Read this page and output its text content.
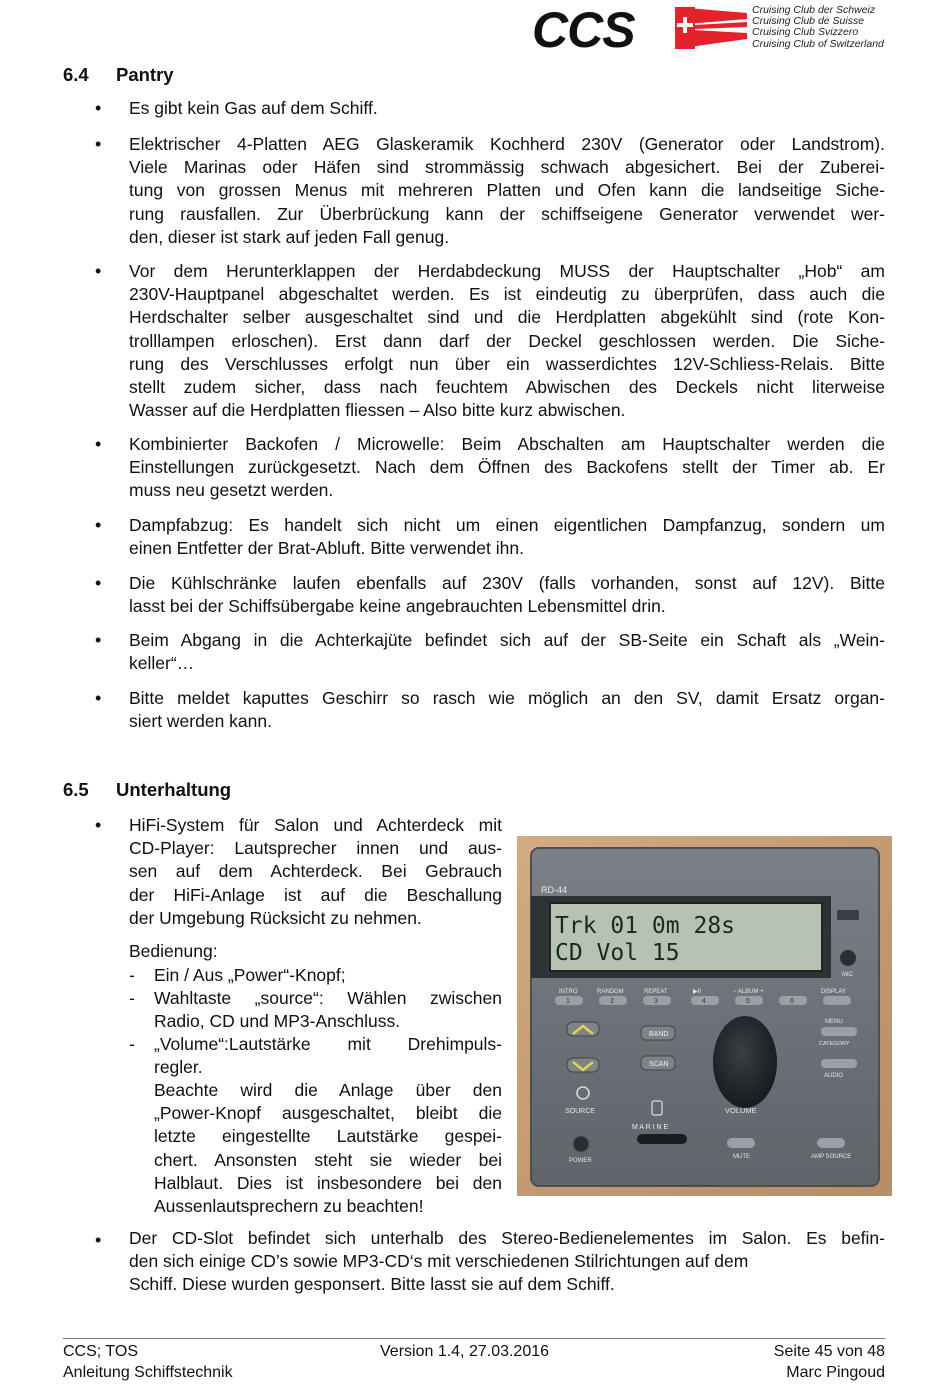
CCS	Cruising Club der Schweiz
Cruising Club de Suisse
Cruising Club Svizzero
Cruising Club of Switzerland
6.4 Pantry
• Es gibt kein Gas auf dem Schiff.
• Elektrischer 4-Platten AEG Glaskeramik Kochherd 230V (Generator oder Landstrom).
Viele Marinas oder Häfen sind strommässig schwach abgesichert. Bei der Zuberei-
tung von grossen Menus mit mehreren Platten und Ofen kann die landseitige Siche-
rung rausfallen. Zur Überbrückung kann der schiffseigene Generator verwendet wer-
den, dieser ist stark auf jeden Fall genug.
• Vor dem Herunterklappen der Herdabdeckung MUSS der Hauptschalter „Hob“ am
230V-Hauptpanel abgeschaltet werden. Es ist eindeutig zu überprüfen, dass auch die
Herdschalter selber ausgeschaltet sind und die Herdplatten abgekühlt sind (rote Kon-
trolllampen erloschen). Erst dann darf der Deckel geschlossen werden. Die Siche-
rung des Verschlusses erfolgt nun über ein wasserdichtes 12V-Schliess-Relais. Bitte
stellt zudem sicher, dass nach feuchtem Abwischen des Deckels nicht literweise
Wasser auf die Herdplatten fliessen – Also bitte kurz abwischen.
• Kombinierter Backofen / Microwelle: Beim Abschalten am Hauptschalter werden die
Einstellungen zurückgesetzt. Nach dem Öffnen des Backofens stellt der Timer ab. Er
muss neu gesetzt werden.
• Dampfabzug: Es handelt sich nicht um einen eigentlichen Dampfanzug, sondern um
einen Entfetter der Brat-Abluft. Bitte verwendet ihn.
• Die Kühlschränke laufen ebenfalls auf 230V (falls vorhanden, sonst auf 12V). Bitte
lasst bei der Schiffsübergabe keine angebrauchten Lebensmittel drin.
• Beim Abgang in die Achterkajüte befindet sich auf der SB-Seite ein Schaft als „Wein-
keller“…
• Bitte meldet kaputtes Geschirr so rasch wie möglich an den SV, damit Ersatz organ-
siert werden kann.
6.5 Unterhaltung
• HiFi-System für Salon und Achterdeck mit
CD-Player: Lautsprecher innen und aus-
sen auf dem Achterdeck. Bei Gebrauch
der HiFi-Anlage ist auf die Beschallung
der Umgebung Rücksicht zu nehmen.
Bedienung:
- Ein / Aus „Power“-Knopf;
- Wahltaste „source“: Wählen zwischen
Radio, CD und MP3-Anschluss.
- „Volume“:Lautstärke mit Drehimpuls-
regler.
Beachte wird die Anlage über den
„Power-Knopf ausgeschaltet, bleibt die
letzte eingestellte Lautstärke gespei-
chert. Ansonsten steht sie wieder bei
Halblaut. Dies ist insbesondere bei den
Aussenlautsprechern zu beachten!
RD-44
Trk 01 0m 28s
CD Vol 15
MIC
INTRO	RANDOM	REPEAT	▶II	− ALBUM +	DISPLAY
1	2	3	4	5	6
SOURCE
BAND
SCAN
VOLUME
M A R I N E
MENU
CATEGORY
AUDIO
POWER
MUTE	AMP SOURCE
• Der CD-Slot befindet sich unterhalb des Stereo-Bedienelementes im Salon. Es befin-
den sich einige CD’s sowie MP3-CD‘s mit verschiedenen Stilrichtungen auf dem
Schiff. Diese wurden gesponsert. Bitte lasst sie auf dem Schiff.
CCS; TOS
Anleitung Schiffstechnik
Version 1.4, 27.03.2016	Seite 45 von 48
Marc Pingoud
